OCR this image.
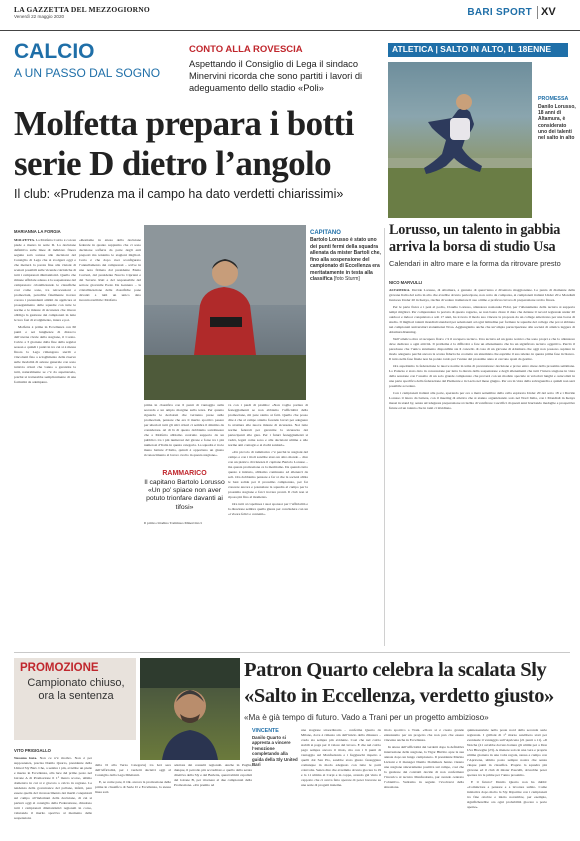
LA GAZZETTA DEL MEZZOGIORNO
Venerdì 22 maggio 2020	BARI SPORT XV
CALCIO
A UN PASSO DAL SOGNO
CONTO ALLA ROVESCIA
Aspettando il Consiglio di Lega il sindaco Minervini ricorda che sono partiti i lavori di adeguamento dello stadio «Poli»
ATLETICA | SALTO IN ALTO, IL 18ENNE
PROMESSA
Danilo Lorusso, 18 anni di Altamura, è considerato uno dei talenti nel salto in alto
Molfetta prepara i botti
serie D dietro l’angolo
Il club: «Prudenza ma il campo ha dato verdetti chiarissimi»
MARIANNA LA FORGIA
MOLFETTA. La Molfetta Calcio è con un piede e mezzo in serie D. La decisione definitiva sulle linee di indirizzo finora seguite sarà sottese alle decisioni del Consiglio di Lega che si svolgerà oggi e che metterà la parola fine alle visioni di scenari possibili sulle vicende calcistiche di tutti i campionati dilettantistici. Quello che rimane ufficiale adesso è la sospensione del campionato: cristallizzando le classifiche così come sono, tra retrocessioni e promozioni, potrebbe finalmente trovare corona i pretendenti ambiti da applicare ai proseguimento delle squadre con tutte le norme e le misure di sicurezza che invece obbliga la gestione dei campionati in tutte le loro fasi di svolgimento, intera e poi.
Molfetta è prima in Eccellenza con 60 punti e sei lunghezze di distacco dall’eterna rivale della stagione, il Corato. Calcio a 3 giornate dalla fine della regular season e quindi i punti in tra cui si è messa finora la Lega rimangono sterili e vincolanti fino a scioglimento delle riserve sulle modalità di azione generale con sono tuttavia criteri che vanno a garantire la tutti, naturalmente se c’è da aspettarselo, poiché si tratterebbe semplicemente di una formalità da adempiere.
«Restiamo in attesa della decisione federale in quanto sappiamo che ci sono decisione sofferta da parte degli enti preposti ma teniamo le stagioni migliori. Certo è che dopo aver sconfigurato l’annullamento dei campionati – scrive in una nota firmata dal presidente Ennio Corrieri, dal presidente Nuccio Cipriani e dal Saverio Rutt e del responsabile del settore giovanile Paolo De Gennaro – la cristallizzazione delle classifiche pone davanti a tutti un unico dato incontrovertibile: Molfetta
CAPITANO
Bartolo Lorusso è stato uno dei punti fermi della squadra allenata da mister Bartoli che, fino alla sospensione del campionato di Eccellenza era meritatamente in testa alla classifica [foto Sturm]
prima in classifica con 6 punti di vantaggio sulla seconda e un ampio margine sulla terza. Per quanto riguarda le decisioni che verranno prese sulle promozioni, pensare che era il merito sportivo pesare per ulteriori tutti gli altri criteri ci sembra il minimo da considerare. Al di là di questo dobbiamo sottolineare che a Molfetta abbiamo costruito supporto da un pubblico tra i più numerosi del girone e forse tra i più numerosi d’Italia in questa categoria. La squadra è tra le meno battute d’Italia, quindi è opportuno un giusto riconoscimento al lavoro svolto in questa stagione».
RAMMARICO
Il capitano Bartolo Lorusso «Un po’ spiace non aver potuto trionfare davanti ai tifosi»
Il primo cittadino Tommaso Minervini ci
va con i piedi di piombo: «Non voglio parlare di festeggiamenti se non abbiamo l’ufficialità della promozione, mi pare siamo ai fatti. Quello che posso dire è che al campo stiamo facendo lavori per adeguare la struttura alle nuove misure di sicurezza. Noi tutte norme federali per garantire la sicurezza dei partecipanti alle gare. Per i futuri festeggiamenti si vedrà, legati come sono e alle decisioni ultime e alle norme anti contagio e ai rischi sanitari».
«Un piccolo di rammarico c’è perché le stagioni del campo e con i titoli sarebbe stato un altro mondo – dice con un pizzico di tristezza il capitano Bartolo Lorusso – ma questa promozione ce la meritiamo. Da quando tutto questo è iniziato, abbiamo continuato ad allenarci da soli. Ora dobbiamo pensare a far sì che la società abbia le basi solide per il prossimo campionato, per far crescere ancora e potenziare la squadra al campo per la prossima stagione e farci trovare pronti. Il club non si riposa più fino al momento.
Ora tutti al capolinea i suoi sponsor per l’ufficialità e la direzione sembra quella giusta per concludere con un «i visore felici e contenti».
Lorusso, un talento in gabbia arriva la borsa di studio Usa
Calendari in altro mare e la forma da ritrovare presto
NICO MARVULLI
ALTAMURA. Davide Lorusso, di Altamura, a gennaio di quest’anno è diventato maggiorenne. La punta di diamante della giovane Italia del salto in alto che avrebbe dovuto partecipare, non certo da comparsa, ai campionati italiani Under 20 e Mondiali Juniores Under 20 in Kenya, rischia di vedere tramutare il suo ottimo e proficuo lavoro di preparazione svolto finora.
Per le parte fisica e i pesi al podio, Claudio Lorusso, allenatore nazionale Fidal, per l’allenamento della tecnica si supporta tempi migliori. Per comprendere la portata di questo ragazzo, se non basta citare il dato che detiene il record regionale under 20 outdoor e indoor conquistato a soli 17 anni, ha trovato il modo suo vincere la proposta da un college americano per una borsa di studio. Il migliori talenti mondiali standard per selezionati ad ogni latitudine per formare le squadre del college che poi si abbiano nei campionati universitari statunitensi Ncaa. Aggiungiamo anche che un’ampia partecipazione alle società di atletica leggera di Altamura Running.
Nell’atletica oltre al recupero fisico c’è il recupero tecnico. Una tecnica ed un gesto tecnico che sono propri e che lo allenatore deve dedicare a ogni attività. Il problema è la difficoltà a fare un allenamento che ha un significato tecnico oggettivo. Perciò il paradosso che l’unico strumento disponibile sia il cancello di casa di un giovane di Altamura che oggi non possono ospitare in modo adeguato perché ancora la scarsa fiducia ha costretto un sistemista che esprime il suo talento in questa prima fase in bianco. Il tutto nella fase finale non ha potuto tardo per l’estate del prossimo anno si cercano spazi da gestire.
Ora aspettiamo la federazione le nuove norme in tema di prevenzione: decisione e prove entro mese della prossima settimana. Lo Palazzo è stato dato in concessione per tutta la durata della sospensione e degli allenamenti che tutti l’intera stagione in vista della sessione con l’assalto di un solo grande campionato che proverà con un modulo speciale ai velocisti lunghi e ostacolisti in una parte specifica della federazione del Piemonte e in Lazio nel mese giugno. Per ora in vista della salvaguardia e quindi non sarà possibile accedere.
Con i campionati italiani alle porte, sperando per ora a metà settembre della cella esplorata Under 20 del sotto 18 e i Davide Lorusso il latero da battere, con il meeting di atletica che si stanno organizzando solo nel Nord Italia, con i Mondiali in Kenya messi in stand by, senza un’adeguata preparazione si rischia di vanificare i sacrifici di questi anni bruciando medaglie e prospettive future ed un talento che in tanti ci invidiano.
PROMOZIONE
Campionato chiuso, ora la sentenza
Patron Quarto celebra la scalata Sly
«Salto in Eccellenza, verdetto giusto»
«Ma è già tempo di futuro. Vado a Trani per un progetto ambizioso»
VITO PRIGIGALLO
Nessuna festa. Non ce n’è motivo. Non è per suppostenza, precisa Danilo Quarto, presidente della United Sly Bari. Che, a sentire i più, avrebbe un piede e mezzo in Eccellenza, alla luce del primo posto nel Girone A di Promozione il 1° marzo scorso, ultimo domenica in cui si è giocato a calcio in regione. La tendenza della governance del pallone, infatti, pare essere quella del riconoscimento dei meriti conquistati sul campo all’indomani della decisione, di cui si parlerà oggi al consiglio della Federazione, chiudono tutti i campionati dilettantistici regionali in corso, valutando il merito sportivo al momento delle sospensioni.
dalla D alla Terza Categoria) tra Ieri sera dell’ufficialità, per i verdetti decisivi oggi al Consiglio della Lega Dilettanti.
E, se come pare, il Ok. ancora la promozione delle prime in classifica di Serie D e Eccellenza, la stessa linea sarà
adottata dai consulti regionali. Anche in Puglia, dunque, il petrolio più accreditato e quello della serata direttiva della Sly e del Barletta, questi ultimi capolisti del Girone B, per ritornare al due campionati della Promozione. «Un premio ad
VINCENTE
Danilo Quarto si appresta a vincere l’emozione completando alla guida della Sly United Bari
una stagione straordinaria – conferma Quarto da Milano, dove è rimasto sin dall’inizio della chiusura – credo sia sempre più evidente. Cosi che nel calcio stabilì si paga per il valore del lavoro. E che nel calcio pagò sempre ancora il titolo, ma con i 9 punti di vantaggio sul Manfredonia e i fuggiaschi rispetto a quelli dal San Pio, sarebbe stato giusto festeggiare comunque in modo adeguato con tutte le parti coinvolte. Senza dire che avremmo dovuto giocare la 19 e la 11 ultima al Carpi e in coppa, avendo già vinto il cappotto che ci aveva fatto sperare di poter lavorare su una serie di progetti insieme.
titolo sportivo a Trani. «Dove si è creato grande entusiasmo per un progetto che non può che essere vincente anche in Eccellenza.
In attesa dell’ufficialità dei verdetti dopo la definitiva interruzione della stagione, la Vigor Birritto apre la sua annata dopo un lungo campionato. Il presidente Marino Lizzani e il manager Danilo Dommacu hanno vissuto una stagione sinceramente positiva sul campo, così che la gestione dei contratti decide di non confermare l’incarico al tecnico Manfredonia, pur avendo centrato l’obiettivo. Vedremo in seguito l’evolversi della situazione.
quintessenziale nella posie nord della seconda serie regionale. I grilloni di 1° marzo sarebbero stati per eventuale il vantaggio sull’Apricena (21 punti a 11). «Il Noicha (21 avrebbe dovuto battere gli ultimi poi a Don Uva Bisceglie (23). A ritenere solo in una vera e propria ultima giornata in una volta regola, stessa e campo con l’Apricena, ultimo posto sempre nostra che senza cinque punti in classifica. Proprio la squadra più giovane ed il club di mister Pasculli, dovrebbe poter sperare tra le prime per l’anno prossimo.
E il futuro? Danilo Quarto non ha dubbi: «Cominciare a pensare e a lavorare subito. Come iniziativa dopo molto la Sly. Ripartire con i campionati tra fine ottobre e inizio novembre, per esempio, significherebbe ora ogni probabilità giocare a porte aperte».
